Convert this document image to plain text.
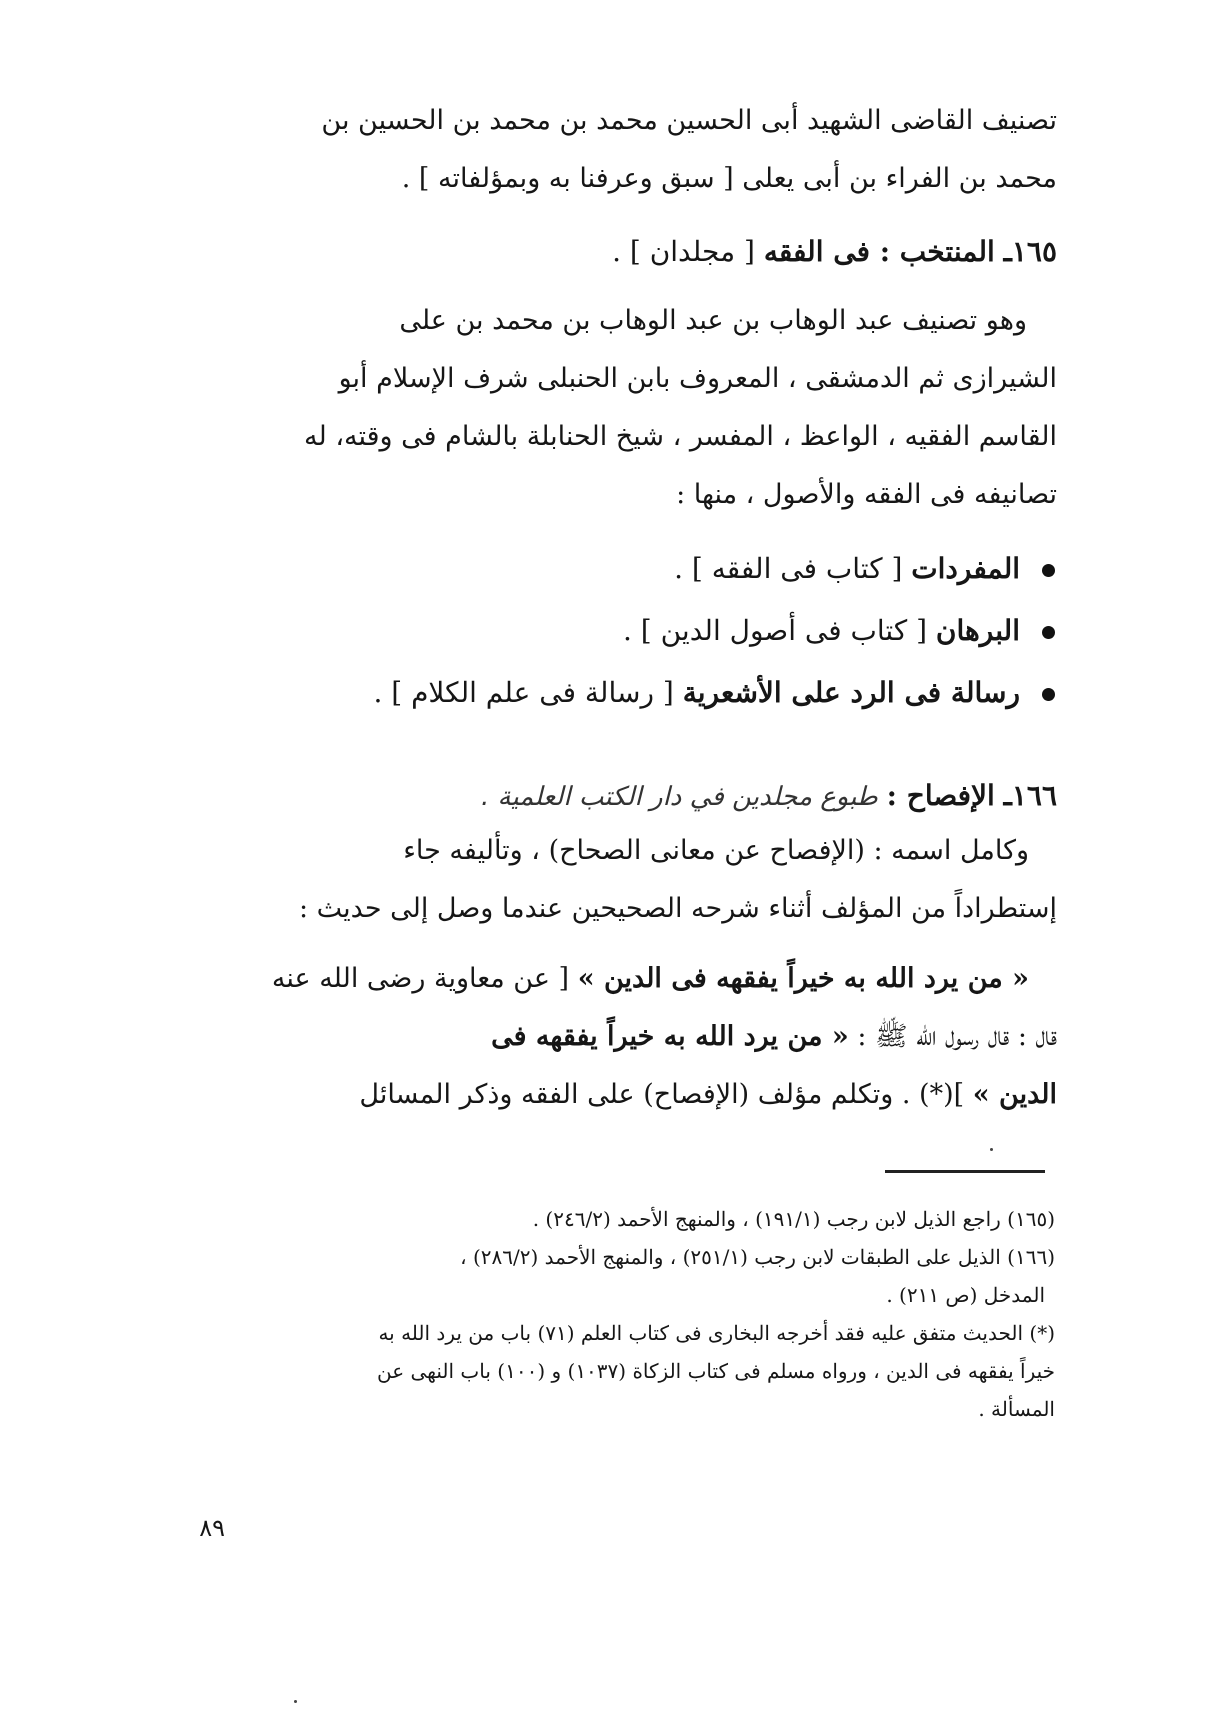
تصنيف القاضى الشهيد أبى الحسين محمد بن محمد بن الحسين بن
محمد بن الفراء بن أبى يعلى [ سبق وعرفنا به وبمؤلفاته ] .
١٦٥ـ المنتخب : فى الفقه [ مجلدان ] .
وهو تصنيف عبد الوهاب بن عبد الوهاب بن محمد بن على
الشيرازى ثم الدمشقى ، المعروف بابن الحنبلى شرف الإسلام أبو
القاسم الفقيه ، الواعظ ، المفسر ، شيخ الحنابلة بالشام فى وقته، له
تصانيفه فى الفقه والأصول ، منها :
المفردات [ كتاب فى الفقه ] .
البرهان [ كتاب فى أصول الدين ] .
رسالة فى الرد على الأشعرية [ رسالة فى علم الكلام ] .
١٦٦ـ الإفصاح : طبوع مجلدين في دار الكتب العلمية .
وكامل اسمه : (الإفصاح عن معانى الصحاح) ، وتأليفه جاء
إستطراداً من المؤلف أثناء شرحه الصحيحين عندما وصل إلى حديث :
« من يرد الله به خيراً يفقهه فى الدين » [ عن معاوية رضى الله عنه
قال : قال رسول الله ﷺ : « من يرد الله به خيراً يفقهه فى
الدين » ](*) . وتكلم مؤلف (الإفصاح) على الفقه وذكر المسائل
(١٦٥) راجع الذيل لابن رجب (١٩١/١) ، والمنهج الأحمد (٢٤٦/٢) .
(١٦٦) الذيل على الطبقات لابن رجب (٢٥١/١) ، والمنهج الأحمد (٢٨٦/٢) ،
المدخل (ص ٢١١) .
(*) الحديث متفق عليه فقد أخرجه البخارى فى كتاب العلم (٧١) باب من يرد الله به
خيراً يفقهه فى الدين ، ورواه مسلم فى كتاب الزكاة (١٠٣٧) و (١٠٠) باب النهى عن
المسألة .
٨٩
